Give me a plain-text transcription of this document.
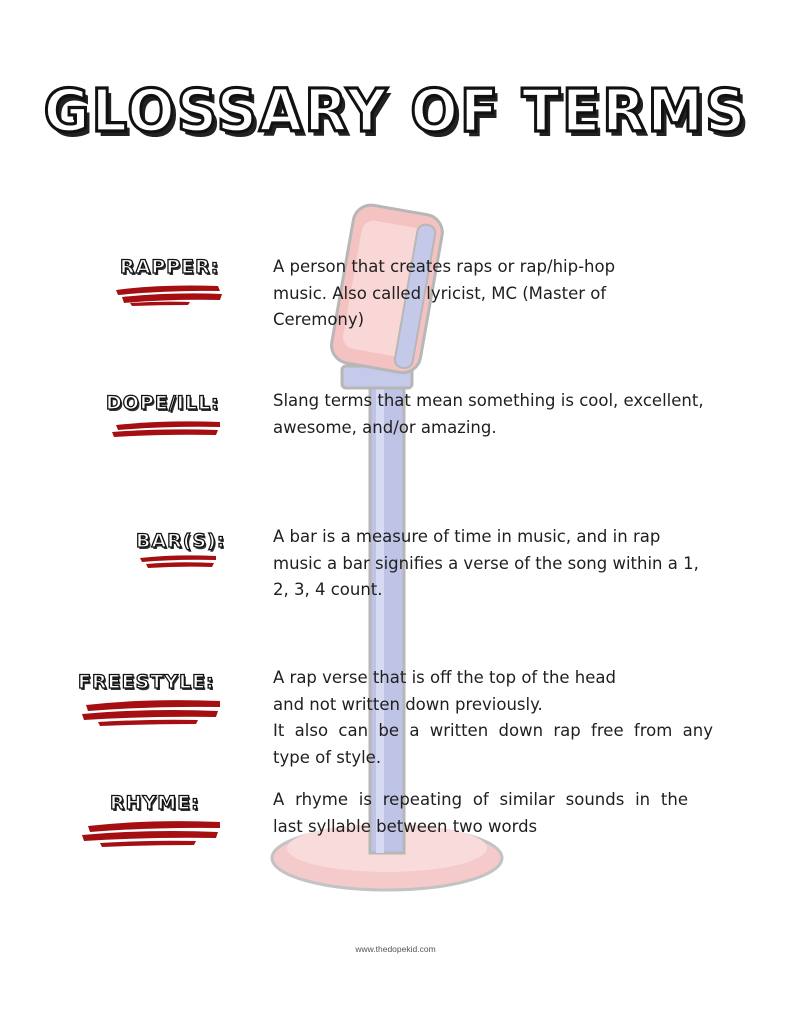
GLOSSARY OF TERMS
RAPPER:	A person that creates raps or rap/hip-hop
music. Also called lyricist, MC (Master of
Ceremony)
DOPE/ILL:	Slang terms that mean something is cool, excellent,
awesome, and/or amazing.
BAR(S):	A bar is a measure of time in music, and in rap
music a bar signifies a verse of the song within a 1,
2, 3, 4 count.
FREESTYLE:	A rap verse that is off the top of the head
and not written down previously.
It also can be a written down rap free from any
type of style.
RHYME:	A rhyme is repeating of similar sounds in the
last syllable between two words
www.thedopekid.com
